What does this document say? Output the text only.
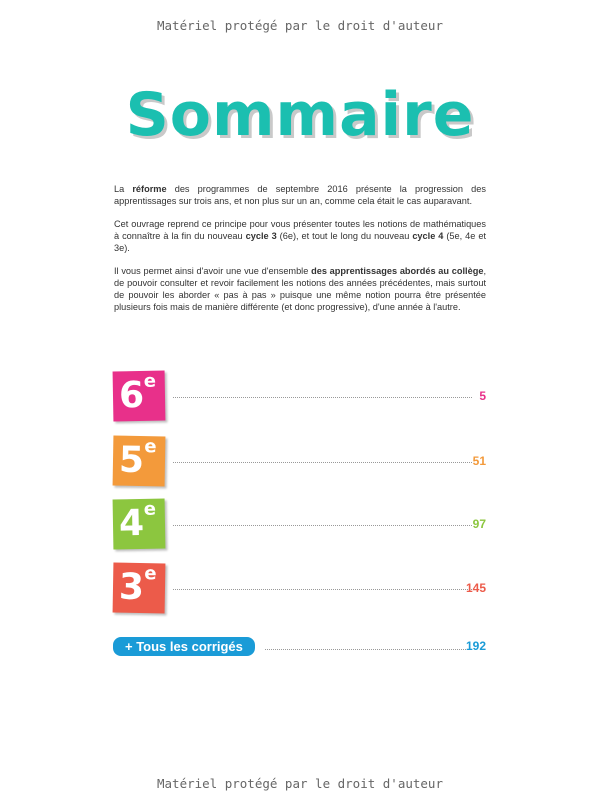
Matériel protégé par le droit d'auteur
Sommaire

La réforme des programmes de septembre 2016 présente la progression des apprentissages sur trois ans, et non plus sur un an, comme cela était le cas auparavant.

Cet ouvrage reprend ce principe pour vous présenter toutes les notions de mathématiques à connaître à la fin du nouveau cycle 3 (6e), et tout le long du nouveau cycle 4 (5e, 4e et 3e).

Il vous permet ainsi d'avoir une vue d'ensemble des apprentissages abordés au collège, de pouvoir consulter et revoir facilement les notions des années précédentes, mais surtout de pouvoir les aborder « pas à pas » puisque une même notion pourra être présentée plusieurs fois mais de manière différente (et donc progressive), d'une année à l'autre.

6e
5
5e
51
4e
97
3e
145
+ Tous les corrigés	192
Matériel protégé par le droit d'auteur
